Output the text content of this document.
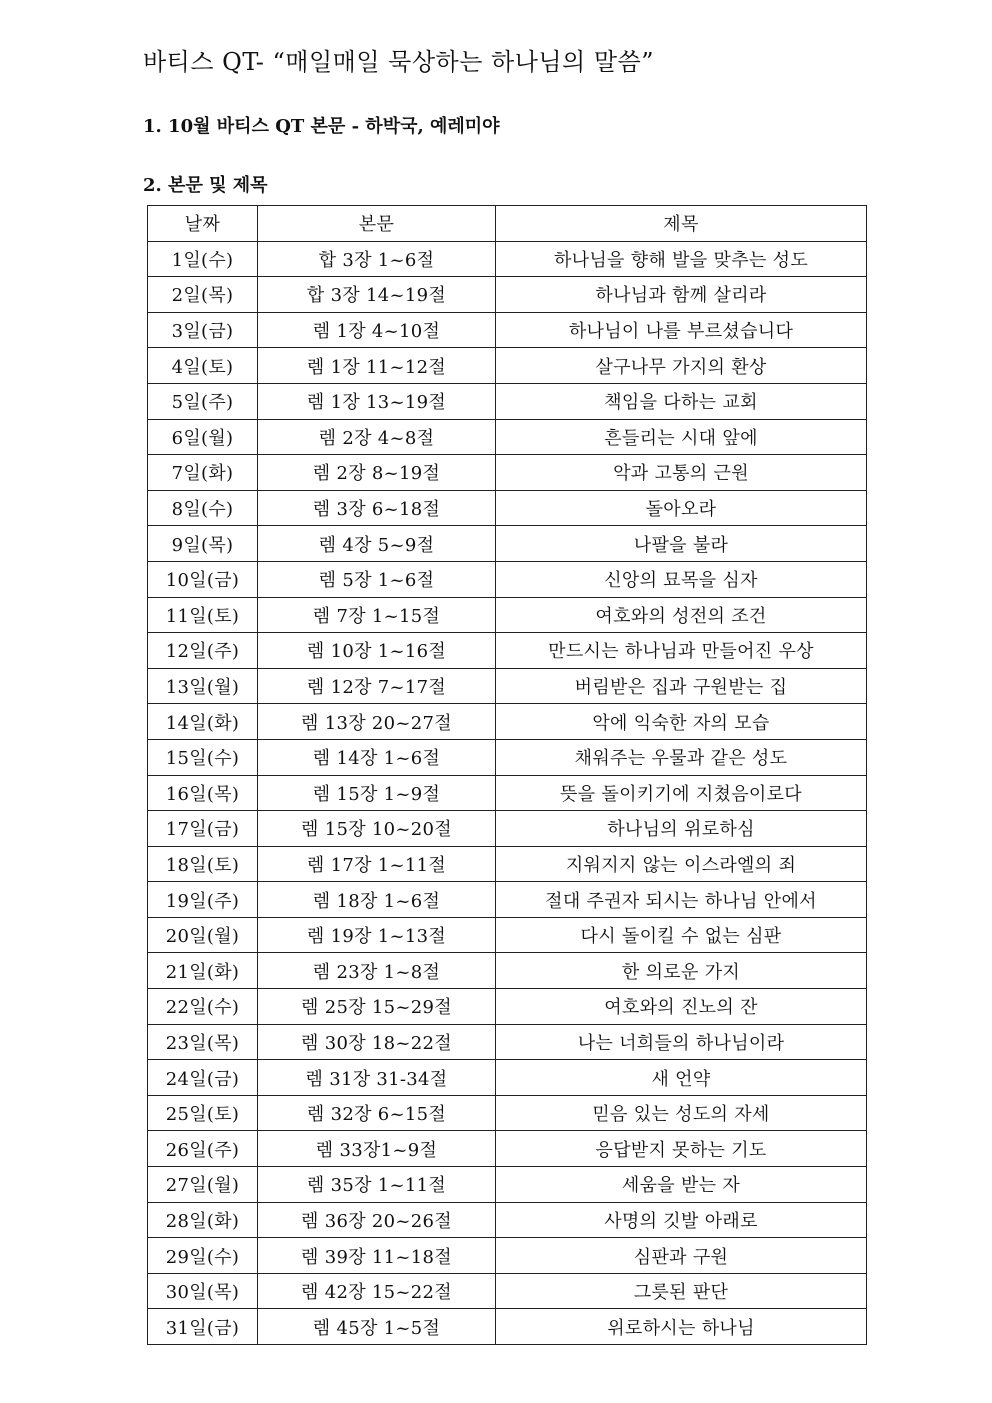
바티스 QT- “매일매일 묵상하는 하나님의 말씀”
1. 10월 바티스 QT 본문 - 하박국, 예레미야
2. 본문 및 제목
날짜	본문	제목
1일(수)	합 3장 1~6절	하나님을 향해 발을 맞추는 성도
2일(목)	합 3장 14~19절	하나님과 함께 살리라
3일(금)	렘 1장 4~10절	하나님이 나를 부르셨습니다
4일(토)	렘 1장 11~12절	살구나무 가지의 환상
5일(주)	렘 1장 13~19절	책임을 다하는 교회
6일(월)	렘 2장 4~8절	흔들리는 시대 앞에
7일(화)	렘 2장 8~19절	악과 고통의 근원
8일(수)	렘 3장 6~18절	돌아오라
9일(목)	렘 4장 5~9절	나팔을 불라
10일(금)	렘 5장 1~6절	신앙의 묘목을 심자
11일(토)	렘 7장 1~15절	여호와의 성전의 조건
12일(주)	렘 10장 1~16절	만드시는 하나님과 만들어진 우상
13일(월)	렘 12장 7~17절	버림받은 집과 구원받는 집
14일(화)	렘 13장 20~27절	악에 익숙한 자의 모습
15일(수)	렘 14장 1~6절	채워주는 우물과 같은 성도
16일(목)	렘 15장 1~9절	뜻을 돌이키기에 지쳤음이로다
17일(금)	렘 15장 10~20절	하나님의 위로하심
18일(토)	렘 17장 1~11절	지워지지 않는 이스라엘의 죄
19일(주)	렘 18장 1~6절	절대 주권자 되시는 하나님 안에서
20일(월)	렘 19장 1~13절	다시 돌이킬 수 없는 심판
21일(화)	렘 23장 1~8절	한 의로운 가지
22일(수)	렘 25장 15~29절	여호와의 진노의 잔
23일(목)	렘 30장 18~22절	나는 너희들의 하나님이라
24일(금)	렘 31장 31-34절	새 언약
25일(토)	렘 32장 6~15절	믿음 있는 성도의 자세
26일(주)	렘 33장1~9절	응답받지 못하는 기도
27일(월)	렘 35장 1~11절	세움을 받는 자
28일(화)	렘 36장 20~26절	사명의 깃발 아래로
29일(수)	렘 39장 11~18절	심판과 구원
30일(목)	렘 42장 15~22절	그릇된 판단
31일(금)	렘 45장 1~5절	위로하시는 하나님
